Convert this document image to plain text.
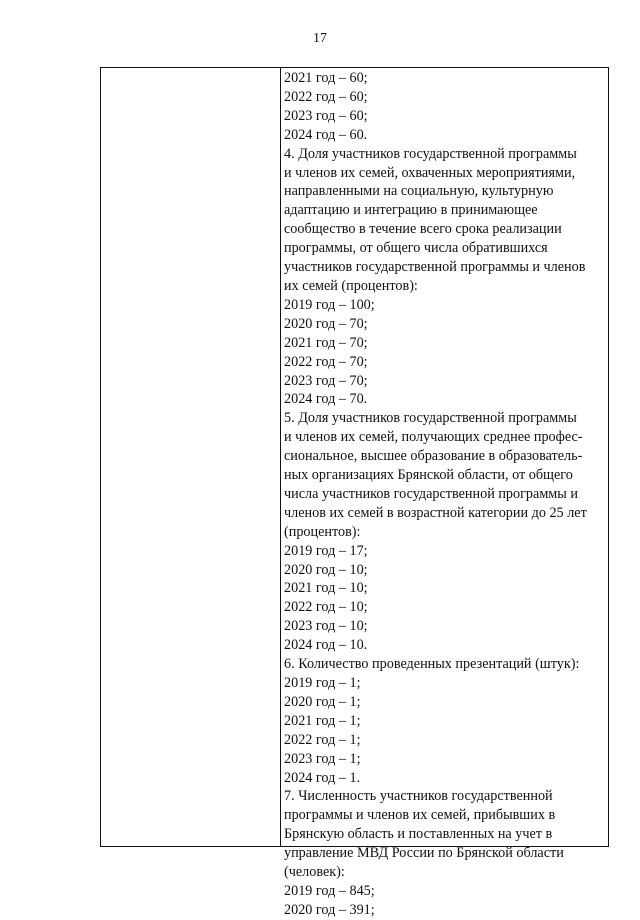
17
2021 год – 60;
2022 год – 60;
2023 год – 60;
2024 год – 60.
4. Доля участников государственной программы
и членов их семей, охваченных мероприятиями,
направленными на социальную, культурную
адаптацию и интеграцию в принимающее
сообщество в течение всего срока реализации
программы, от общего числа обратившихся
участников государственной программы и членов
их семей (процентов):
2019 год – 100;
2020 год – 70;
2021 год – 70;
2022 год – 70;
2023 год – 70;
2024 год – 70.
5. Доля участников государственной программы
и членов их семей, получающих среднее профес-
сиональное, высшее образование в образователь-
ных организациях Брянской области, от общего
числа участников государственной программы и
членов их семей в возрастной категории до 25 лет
(процентов):
2019 год – 17;
2020 год – 10;
2021 год – 10;
2022 год – 10;
2023 год – 10;
2024 год – 10.
6. Количество проведенных презентаций (штук):
2019 год – 1;
2020 год – 1;
2021 год – 1;
2022 год – 1;
2023 год – 1;
2024 год – 1.
7. Численность участников государственной
программы и членов их семей, прибывших в
Брянскую область и поставленных на учет в
управление МВД России по Брянской области
(человек):
2019 год – 845;
2020 год – 391;
